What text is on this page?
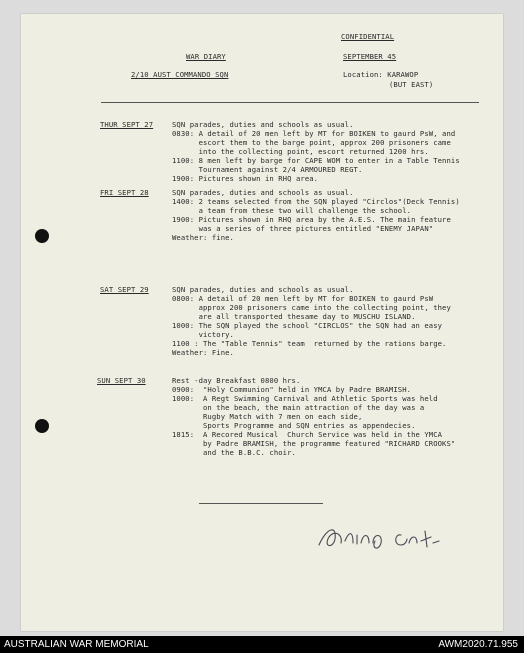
CONFIDENTIAL
WAR DIARY	SEPTEMBER 45
2/10 AUST COMMANDO SQN	Location: KARAWOP
(BUT EAST)
THUR SEPT 27	SQN parades, duties and schools as usual.
0830: A detail of 20 men left by MT for BOIKEN to gaurd PsW, and
escort them to the barge point, approx 200 prisoners came
into the collecting point, escort returned 1200 hrs.
1100: 8 men left by barge for CAPE WOM to enter in a Table Tennis
Tournament against 2/4 ARMOURED REGT.
1900: Pictures shown in RHQ area.
FRI SEPT 28	SQN parades, duties and schools as usual.
1400: 2 teams selected from the SQN played "Circlos"(Deck Tennis)
a team from these two will challenge the school.
1900: Pictures shown in RHQ area by the A.E.S. The main feature
was a series of three pictures entitled "ENEMY JAPAN"
Weather: fine.
SAT SEPT 29	SQN parades, duties and schools as usual.
0800: A detail of 20 men left by MT for BOIKEN to gaurd PsW
approx 200 prisoners came into the collecting point, they
are all transported thesame day to MUSCHU ISLAND.
1000: The SQN played the school "CIRCLOS" the SQN had an easy
victory.
1100 : The "Table Tennis" team  returned by the rations barge.
Weather: Fine.
SUN SEPT 30	Rest -day Breakfast 0800 hrs.
0900:  "Holy Communion" held in YMCA by Padre BRAMISH.
1000:  A Regt Swimming Carnival and Athletic Sports was held
on the beach, the main attraction of the day was a
Rugby Match with 7 men on each side,
Sports Programme and SQN entries as appendecies.
1815:  A Recored Musical  Church Service was held in the YMCA
by Padre BRAMISH, the programme featured "RICHARD CROOKS"
and the B.B.C. choir.
AUSTRALIAN WAR MEMORIAL	AWM2020.71.955
